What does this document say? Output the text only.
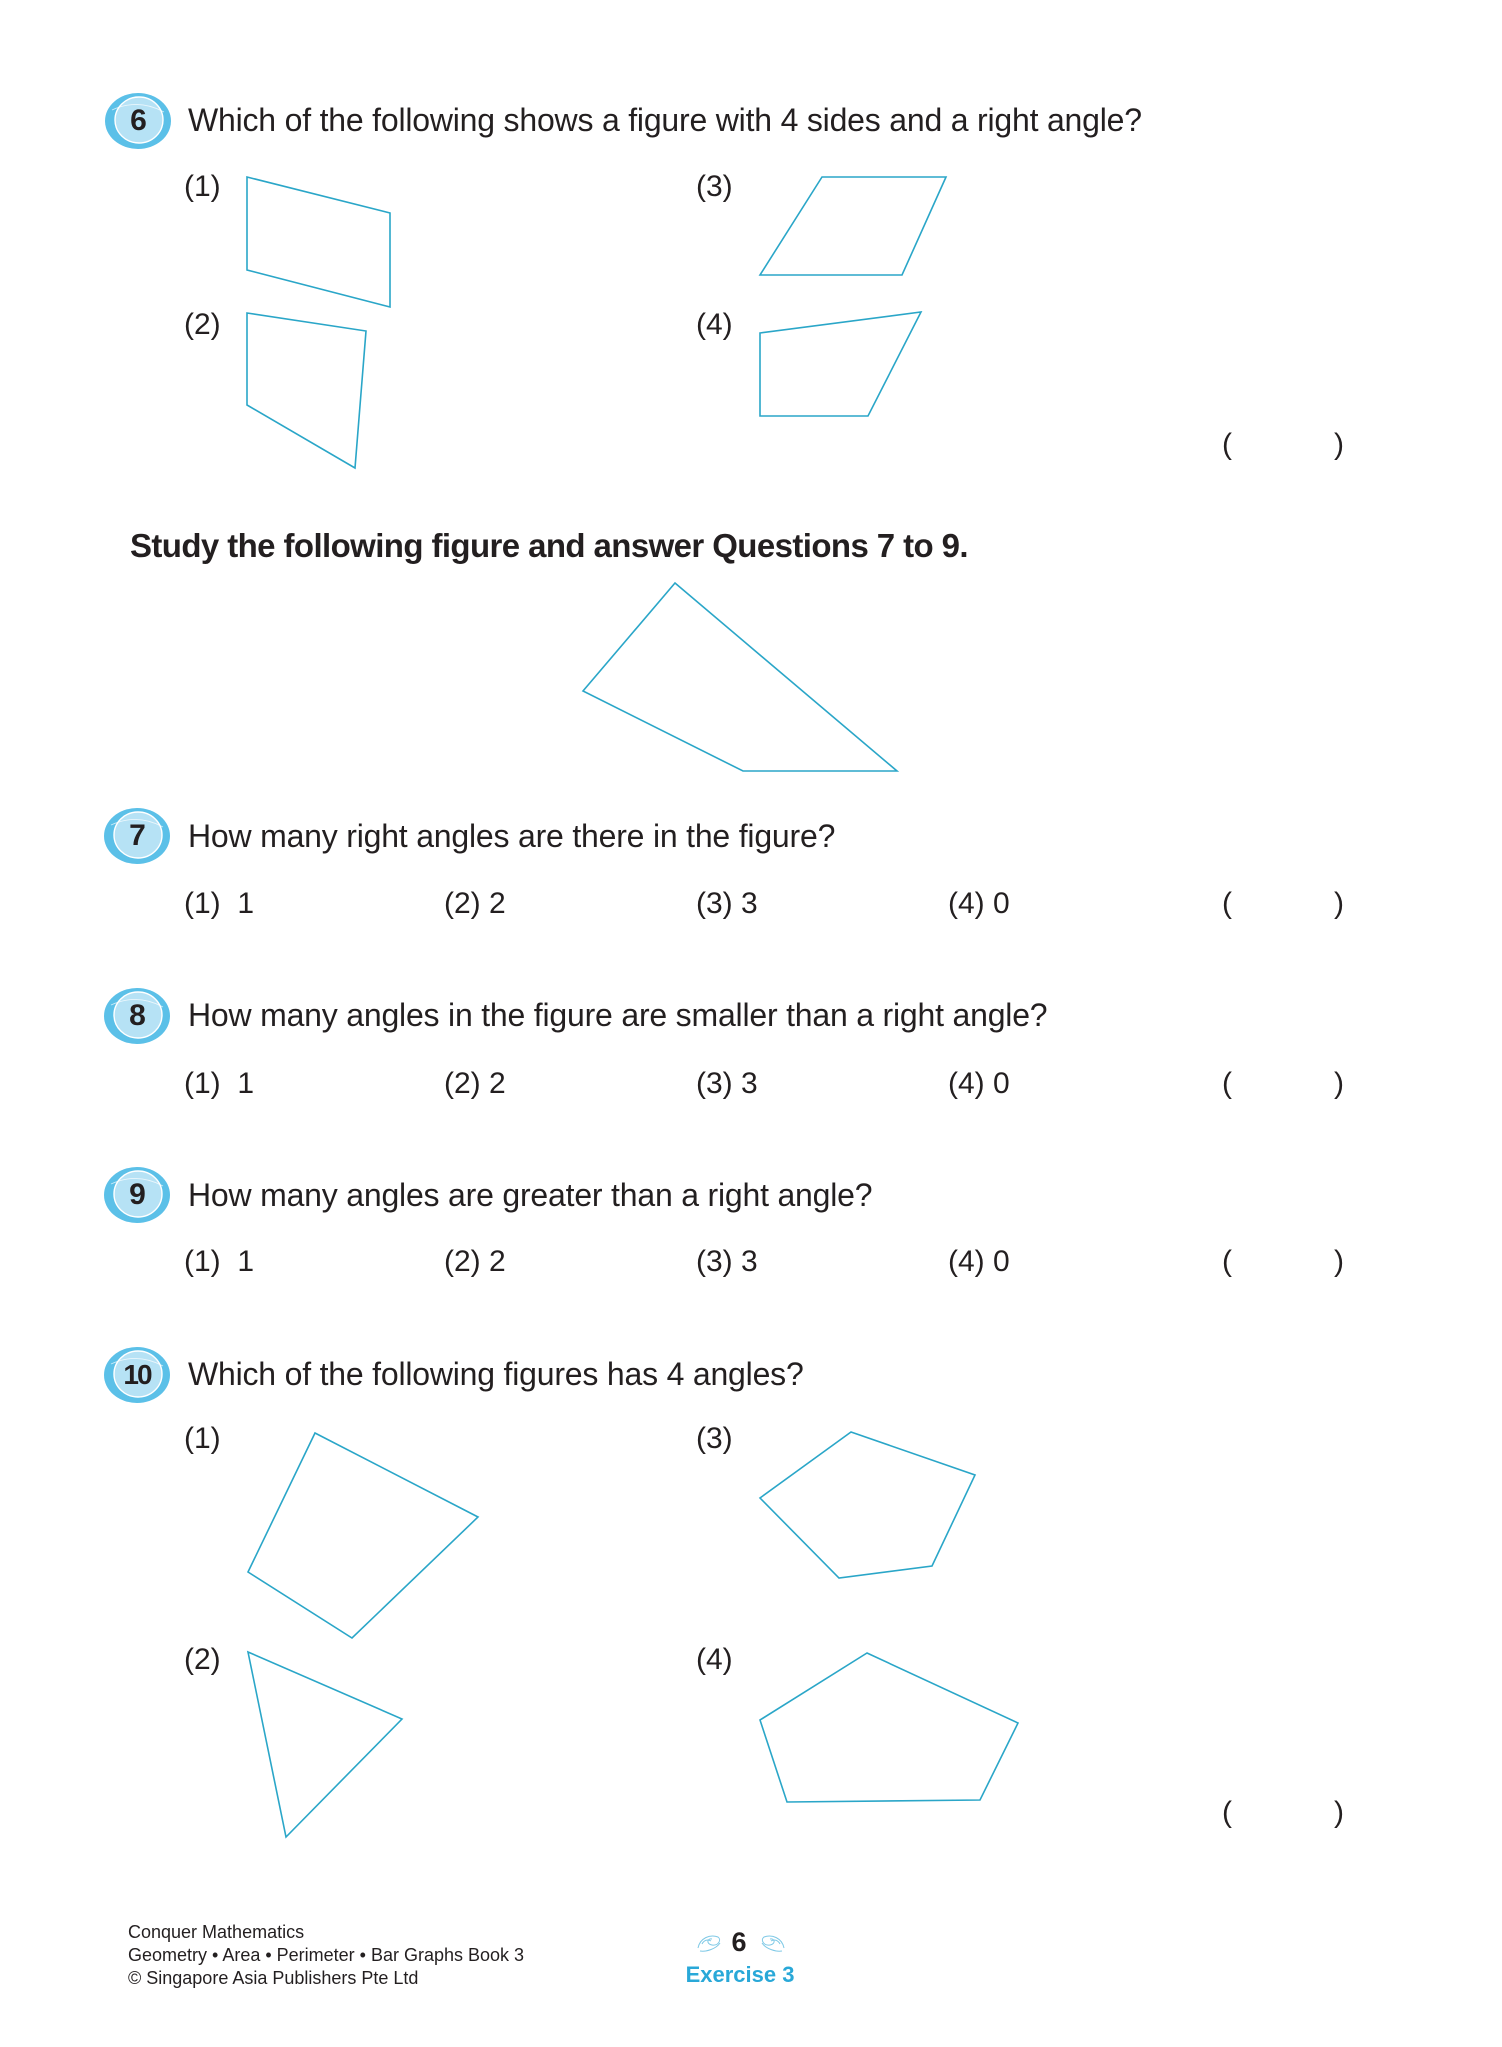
6	Which of the following shows a figure with 4 sides and a right angle?
(1)
(2)
(3)
(4)
(	)
Study the following figure and answer Questions 7 to 9.
7	How many right angles are there in the figure?
(1) 1	(2) 2	(3) 3	(4) 0	(	)
8	How many angles in the figure are smaller than a right angle?
(1) 1	(2) 2	(3) 3	(4) 0	(	)
9	How many angles are greater than a right angle?
(1) 1	(2) 2	(3) 3	(4) 0	(	)
10	Which of the following figures has 4 angles?
(1)
(2)
(3)
(4)
(	)
Conquer Mathematics
Geometry • Area • Perimeter • Bar Graphs Book 3
© Singapore Asia Publishers Pte Ltd
6
Exercise 3
